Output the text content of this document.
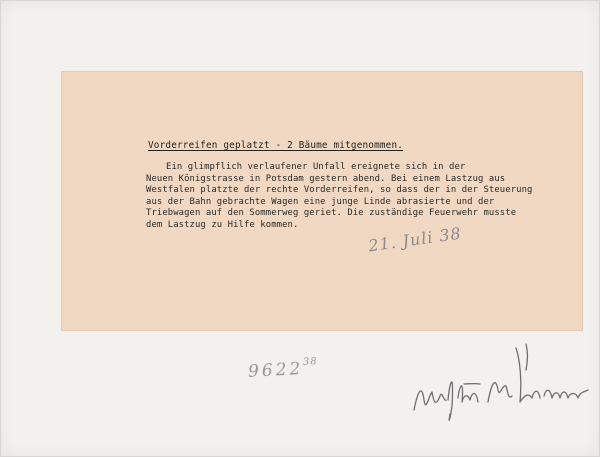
Vorderreifen geplatzt - 2 Bäume mitgenommen.
Ein glimpflich verlaufener Unfall ereignete sich in der
Neuen Königstrasse in Potsdam gestern abend. Bei einem Lastzug aus
Westfalen platzte der rechte Vorderreifen, so dass der in der Steuerung
aus der Bahn gebrachte Wagen eine junge Linde abrasierte und der
Triebwagen auf den Sommerweg geriet. Die zuständige Feuerwehr musste
dem Lastzug zu Hilfe kommen.	21. Juli 38
9622$^{38}$
